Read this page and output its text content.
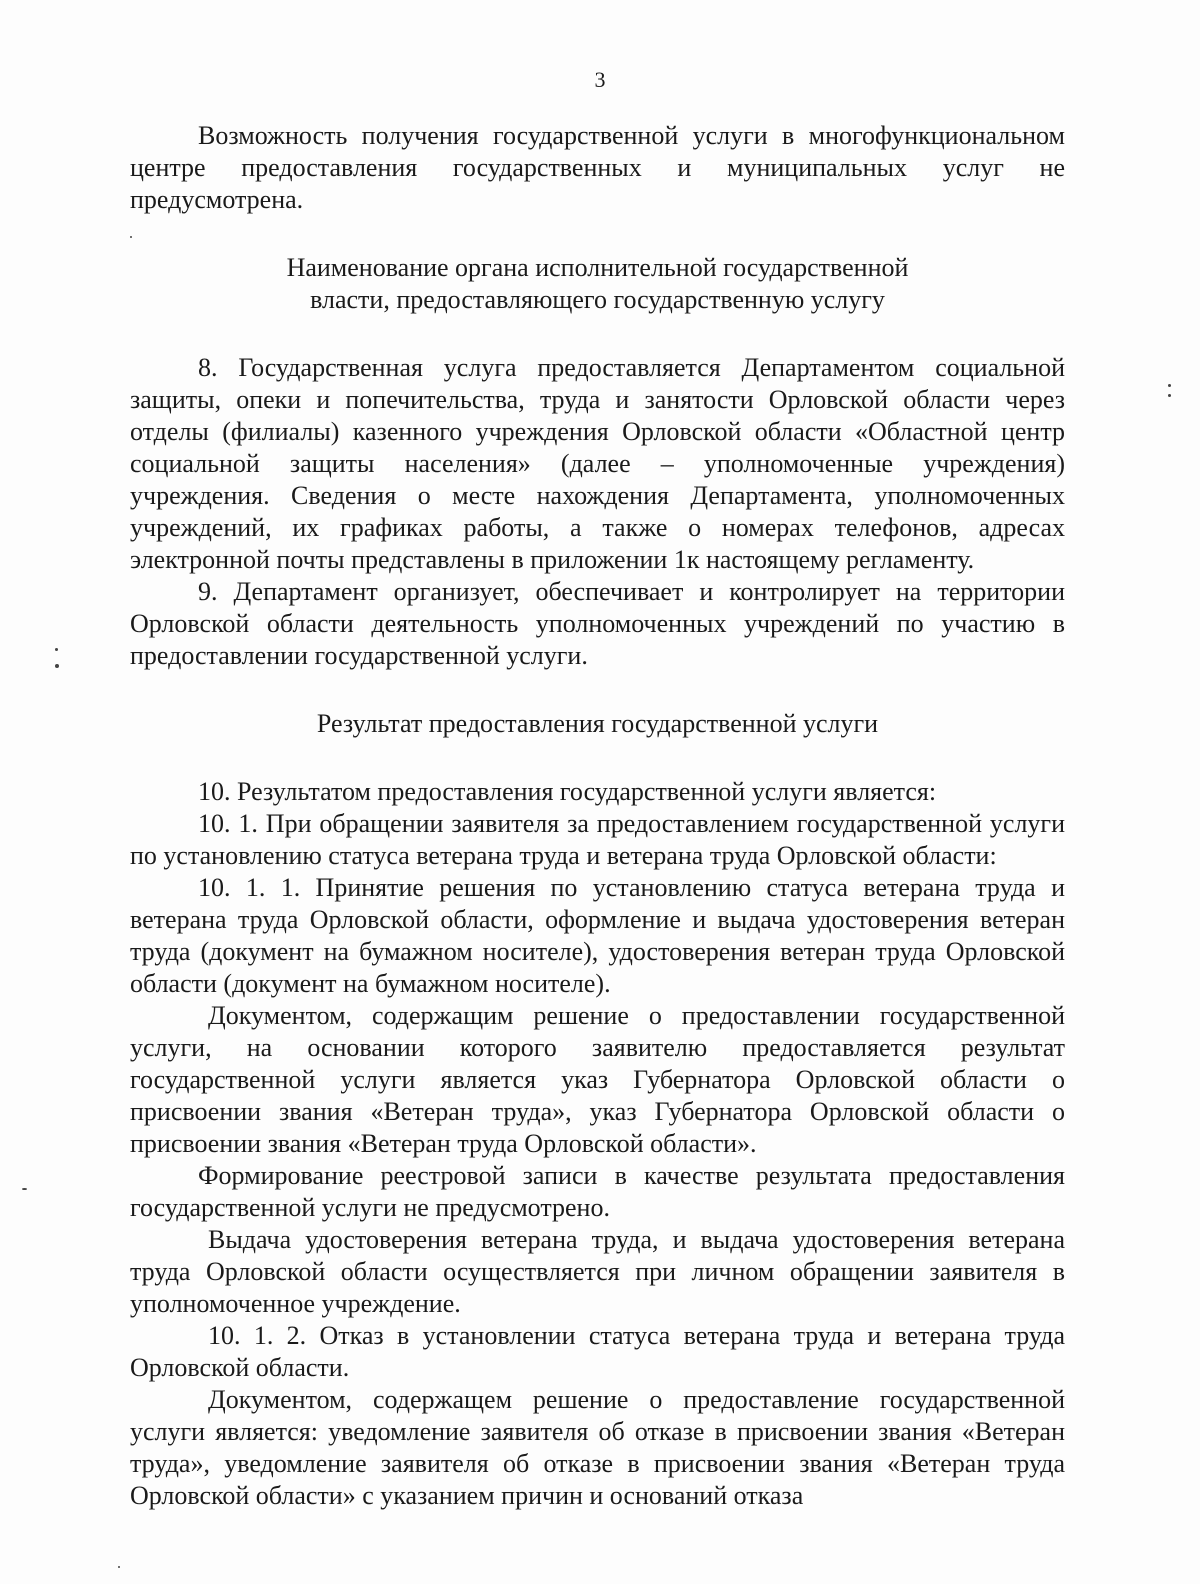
3

Возможность получения государственной услуги в многофункциональном центре предоставления государственных и муниципальных услуг не предусмотрена.

Наименование органа исполнительной государственной
власти, предоставляющего государственную услугу

8. Государственная услуга предоставляется Департаментом социальной защиты, опеки и попечительства, труда и занятости Орловской области через отделы (филиалы) казенного учреждения Орловской области «Областной центр социальной защиты населения» (далее – уполномоченные учреждения) учреждения. Сведения о месте нахождения Департамента, уполномоченных учреждений, их графиках работы, а также о номерах телефонов, адресах электронной почты представлены в приложении 1к настоящему регламенту.

9. Департамент организует, обеспечивает и контролирует на территории Орловской области деятельность уполномоченных учреждений по участию в предоставлении государственной услуги.

Результат предоставления государственной услуги

10. Результатом предоставления государственной услуги является:

10. 1. При обращении заявителя за предоставлением государственной услуги по установлению статуса ветерана труда и ветерана труда Орловской области:

10. 1. 1. Принятие решения по установлению статуса ветерана труда и ветерана труда Орловской области, оформление и выдача удостоверения ветеран труда (документ на бумажном носителе), удостоверения ветеран труда Орловской области (документ на бумажном носителе).

Документом, содержащим решение о предоставлении государственной услуги, на основании которого заявителю предоставляется результат государственной услуги является указ Губернатора Орловской области о присвоении звания «Ветеран труда», указ Губернатора Орловской области о присвоении звания «Ветеран труда Орловской области».

Формирование реестровой записи в качестве результата предоставления государственной услуги не предусмотрено.

Выдача удостоверения ветерана труда, и выдача удостоверения ветерана труда Орловской области осуществляется при личном обращении заявителя в уполномоченное учреждение.

10. 1. 2. Отказ в установлении статуса ветерана труда и ветерана труда Орловской области.

Документом, содержащем решение о предоставление государственной услуги является: уведомление заявителя об отказе в присвоении звания «Ветеран труда», уведомление заявителя об отказе в присвоении звания «Ветеран труда Орловской области» с указанием причин и оснований отказа
